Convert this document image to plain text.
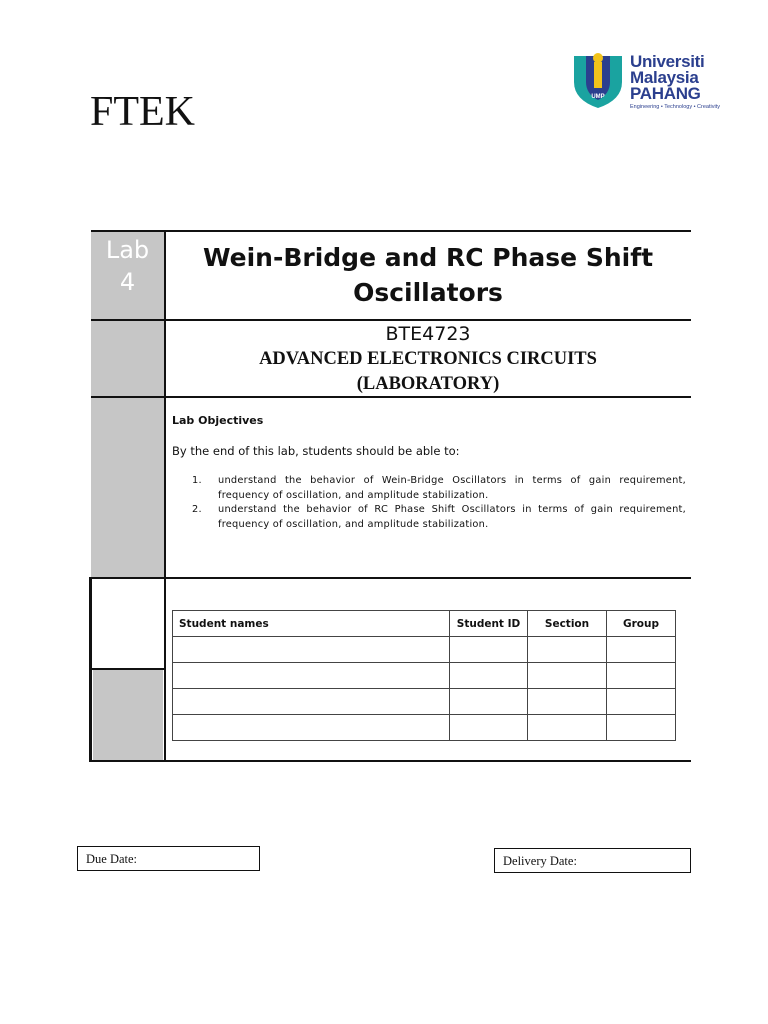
FTEK	UMP
Universiti
Malaysia
PAHANG
Engineering • Technology • Creativity
Lab
4
Wein-Bridge and RC Phase Shift
Oscillators
BTE4723
ADVANCED ELECTRONICS CIRCUITS
(LABORATORY)
Lab Objectives
By the end of this lab, students should be able to:
1. understand the behavior of Wein-Bridge Oscillators in terms of gain requirement, frequency of oscillation, and amplitude stabilization.
2. understand the behavior of RC Phase Shift Oscillators in terms of gain requirement, frequency of oscillation, and amplitude stabilization.
Student names	Student ID	Section	Group

Due Date:	Delivery Date:
